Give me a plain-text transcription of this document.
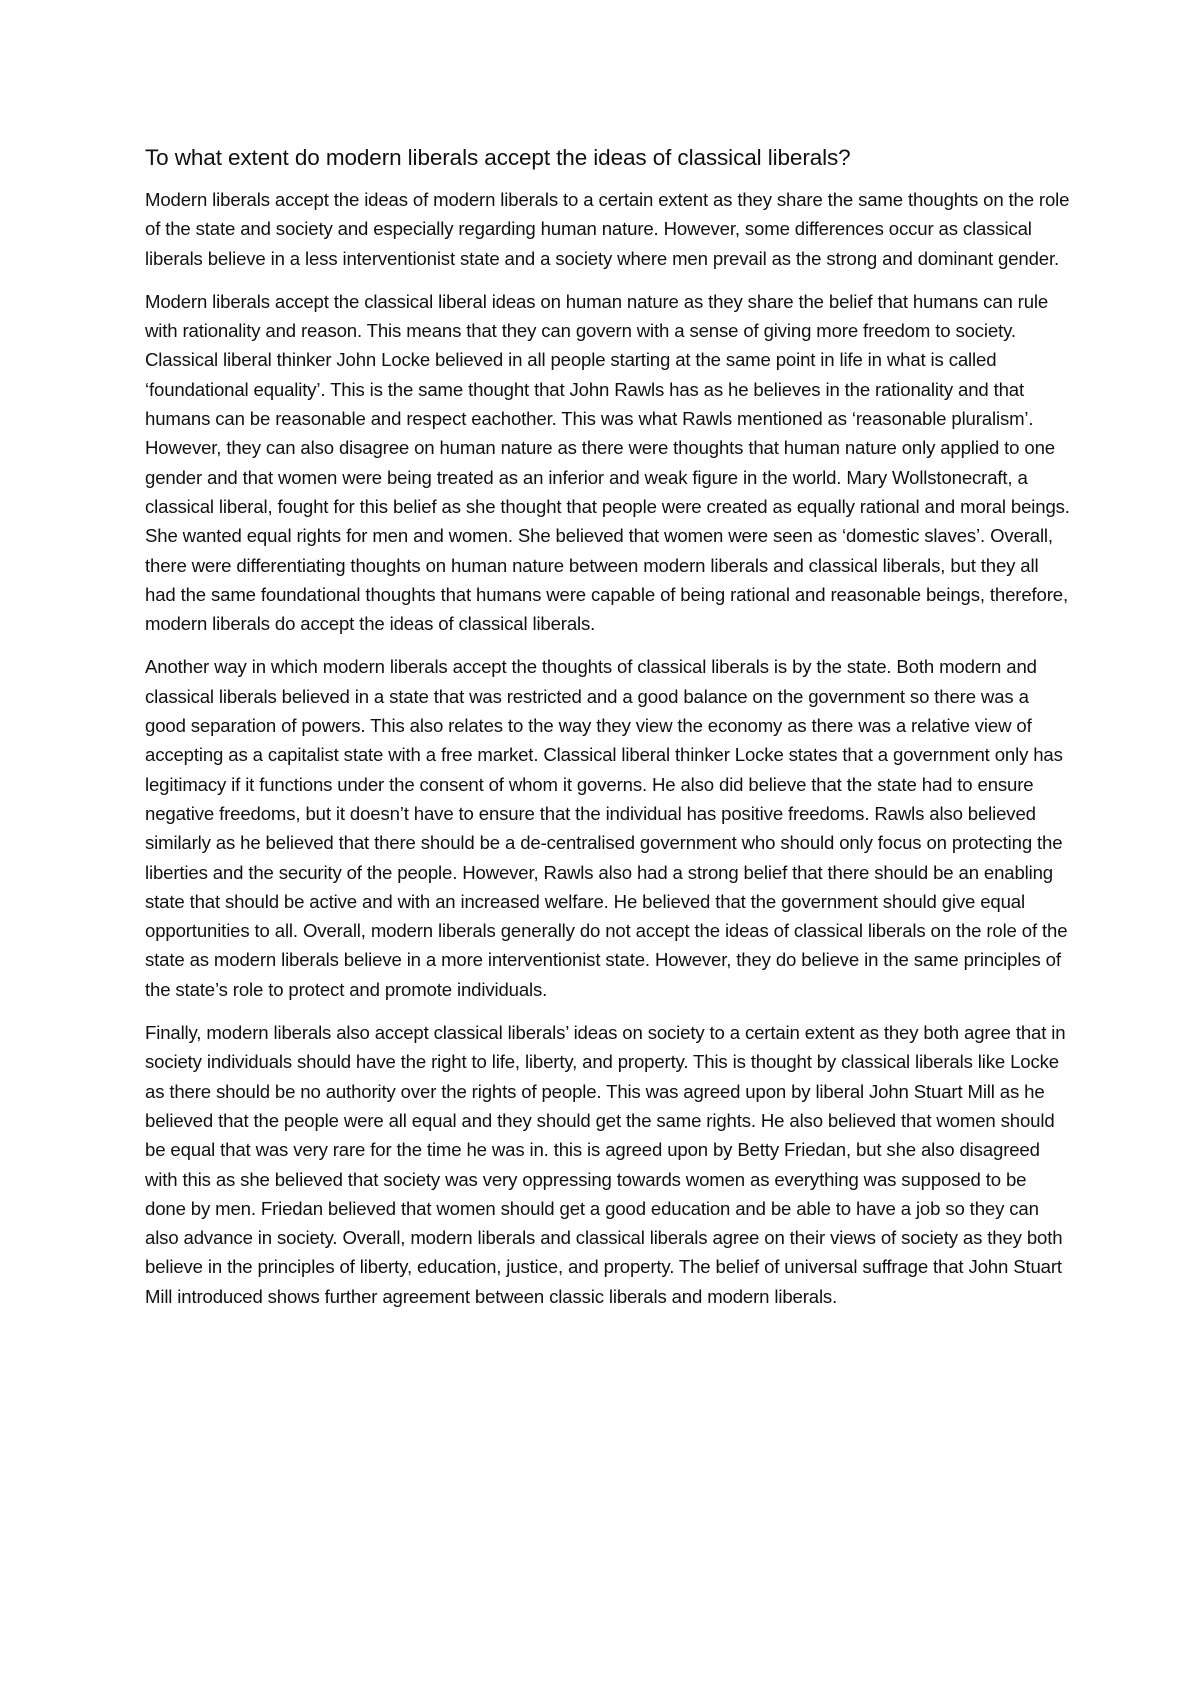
To what extent do modern liberals accept the ideas of classical liberals?

Modern liberals accept the ideas of modern liberals to a certain extent as they share the same thoughts on the role of the state and society and especially regarding human nature. However, some differences occur as classical liberals believe in a less interventionist state and a society where men prevail as the strong and dominant gender.

Modern liberals accept the classical liberal ideas on human nature as they share the belief that humans can rule with rationality and reason. This means that they can govern with a sense of giving more freedom to society. Classical liberal thinker John Locke believed in all people starting at the same point in life in what is called ‘foundational equality’. This is the same thought that John Rawls has as he believes in the rationality and that humans can be reasonable and respect eachother. This was what Rawls mentioned as ‘reasonable pluralism’. However, they can also disagree on human nature as there were thoughts that human nature only applied to one gender and that women were being treated as an inferior and weak figure in the world. Mary Wollstonecraft, a classical liberal, fought for this belief as she thought that people were created as equally rational and moral beings. She wanted equal rights for men and women. She believed that women were seen as ‘domestic slaves’. Overall, there were differentiating thoughts on human nature between modern liberals and classical liberals, but they all had the same foundational thoughts that humans were capable of being rational and reasonable beings, therefore, modern liberals do accept the ideas of classical liberals.

Another way in which modern liberals accept the thoughts of classical liberals is by the state. Both modern and classical liberals believed in a state that was restricted and a good balance on the government so there was a good separation of powers. This also relates to the way they view the economy as there was a relative view of accepting as a capitalist state with a free market. Classical liberal thinker Locke states that a government only has legitimacy if it functions under the consent of whom it governs. He also did believe that the state had to ensure negative freedoms, but it doesn’t have to ensure that the individual has positive freedoms. Rawls also believed similarly as he believed that there should be a de-centralised government who should only focus on protecting the liberties and the security of the people. However, Rawls also had a strong belief that there should be an enabling state that should be active and with an increased welfare. He believed that the government should give equal opportunities to all. Overall, modern liberals generally do not accept the ideas of classical liberals on the role of the state as modern liberals believe in a more interventionist state. However, they do believe in the same principles of the state’s role to protect and promote individuals.

Finally, modern liberals also accept classical liberals’ ideas on society to a certain extent as they both agree that in society individuals should have the right to life, liberty, and property. This is thought by classical liberals like Locke as there should be no authority over the rights of people. This was agreed upon by liberal John Stuart Mill as he believed that the people were all equal and they should get the same rights. He also believed that women should be equal that was very rare for the time he was in. this is agreed upon by Betty Friedan, but she also disagreed with this as she believed that society was very oppressing towards women as everything was supposed to be done by men. Friedan believed that women should get a good education and be able to have a job so they can also advance in society. Overall, modern liberals and classical liberals agree on their views of society as they both believe in the principles of liberty, education, justice, and property. The belief of universal suffrage that John Stuart Mill introduced shows further agreement between classic liberals and modern liberals.
